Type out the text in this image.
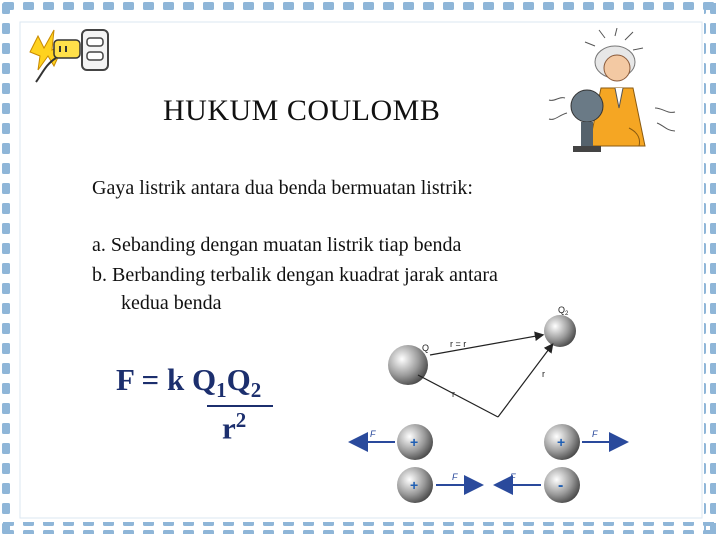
HUKUM COULOMB
Gaya listrik antara dua benda bermuatan listrik:
a. Sebanding dengan muatan listrik tiap benda
b. Berbanding terbalik dengan kuadrat jarak antara
kedua benda
F = k $Q_1Q_2$
$r^2$
Q
$Q_2$
r = r
r
r
+
F	+	F
+	F	-
F
